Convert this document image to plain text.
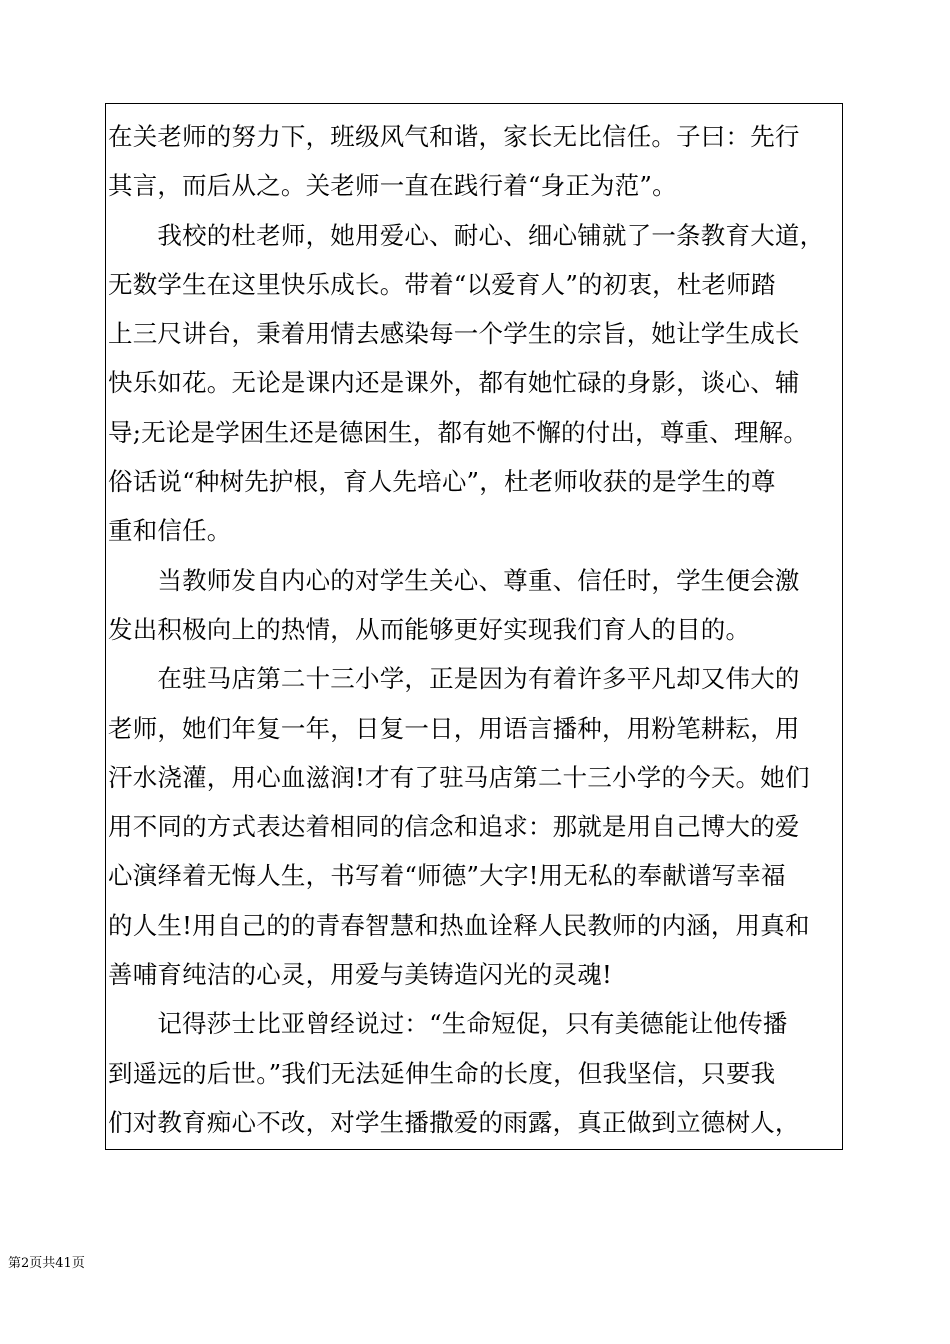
在关老师的努力下，班级风气和谐，家长无比信任。子曰：先行
其言，而后从之。关老师一直在践行着“身正为范”。
　　我校的杜老师，她用爱心、耐心、细心铺就了一条教育大道，
无数学生在这里快乐成长。带着“以爱育人”的初衷，杜老师踏
上三尺讲台，秉着用情去感染每一个学生的宗旨，她让学生成长
快乐如花。无论是课内还是课外，都有她忙碌的身影，谈心、辅
导;无论是学困生还是德困生，都有她不懈的付出，尊重、理解。
俗话说“种树先护根，育人先培心”，杜老师收获的是学生的尊
重和信任。
　　当教师发自内心的对学生关心、尊重、信任时，学生便会激
发出积极向上的热情，从而能够更好实现我们育人的目的。
　　在驻马店第二十三小学，正是因为有着许多平凡却又伟大的
老师，她们年复一年，日复一日，用语言播种，用粉笔耕耘，用
汗水浇灌，用心血滋润!才有了驻马店第二十三小学的今天。她们
用不同的方式表达着相同的信念和追求：那就是用自己博大的爱
心演绎着无悔人生，书写着“师德”大字!用无私的奉献谱写幸福
的人生!用自己的的青春智慧和热血诠释人民教师的内涵，用真和
善哺育纯洁的心灵，用爱与美铸造闪光的灵魂!
　　记得莎士比亚曾经说过：“生命短促，只有美德能让他传播
到遥远的后世。”我们无法延伸生命的长度，但我坚信，只要我
们对教育痴心不改，对学生播撒爱的雨露，真正做到立德树人，
第2页共41页
